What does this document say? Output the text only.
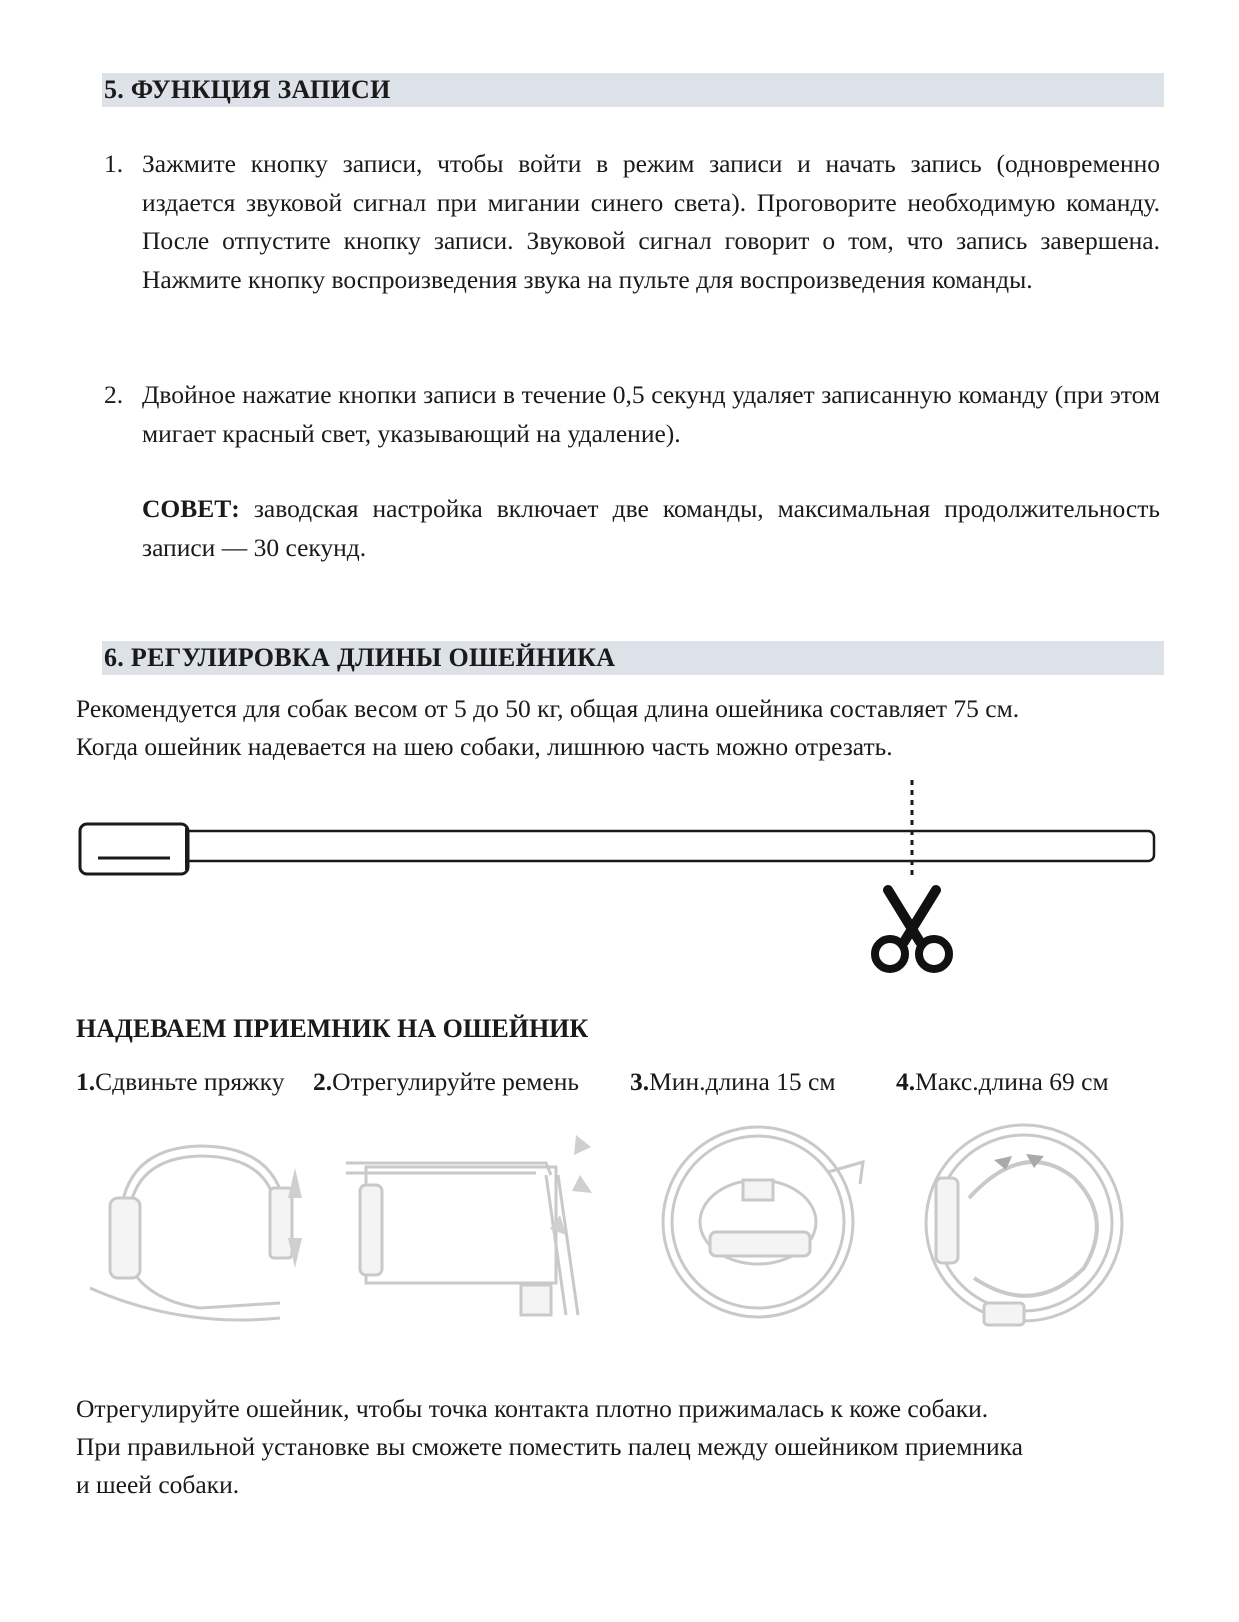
5. ФУНКЦИЯ ЗАПИСИ
1. Зажмите кнопку записи, чтобы войти в режим записи и начать запись (одновременно издается звуковой сигнал при мигании синего света). Проговорите необходимую команду. После отпустите кнопку записи. Звуковой сигнал говорит о том, что запись завершена. Нажмите кнопку воспроизведения звука на пульте для воспроизведения команды.
2. Двойное нажатие кнопки записи в течение 0,5 секунд удаляет записанную команду (при этом мигает красный свет, указывающий на удаление).
СОВЕТ: заводская настройка включает две команды, максимальная продолжительность записи — 30 секунд.
6. РЕГУЛИРОВКА ДЛИНЫ ОШЕЙНИКА
Рекомендуется для собак весом от 5 до 50 кг, общая длина ошейника составляет 75 см.
Когда ошейник надевается на шею собаки, лишнюю часть можно отрезать.
НАДЕВАЕМ ПРИЕМНИК НА ОШЕЙНИК
1.Сдвиньте пряжку 2.Отрегулируйте ремень 3.Мин.длина 15 см 4.Макс.длина 69 см
Отрегулируйте ошейник, чтобы точка контакта плотно прижималась к коже собаки.
При правильной установке вы сможете поместить палец между ошейником приемника
и шеей собаки.
